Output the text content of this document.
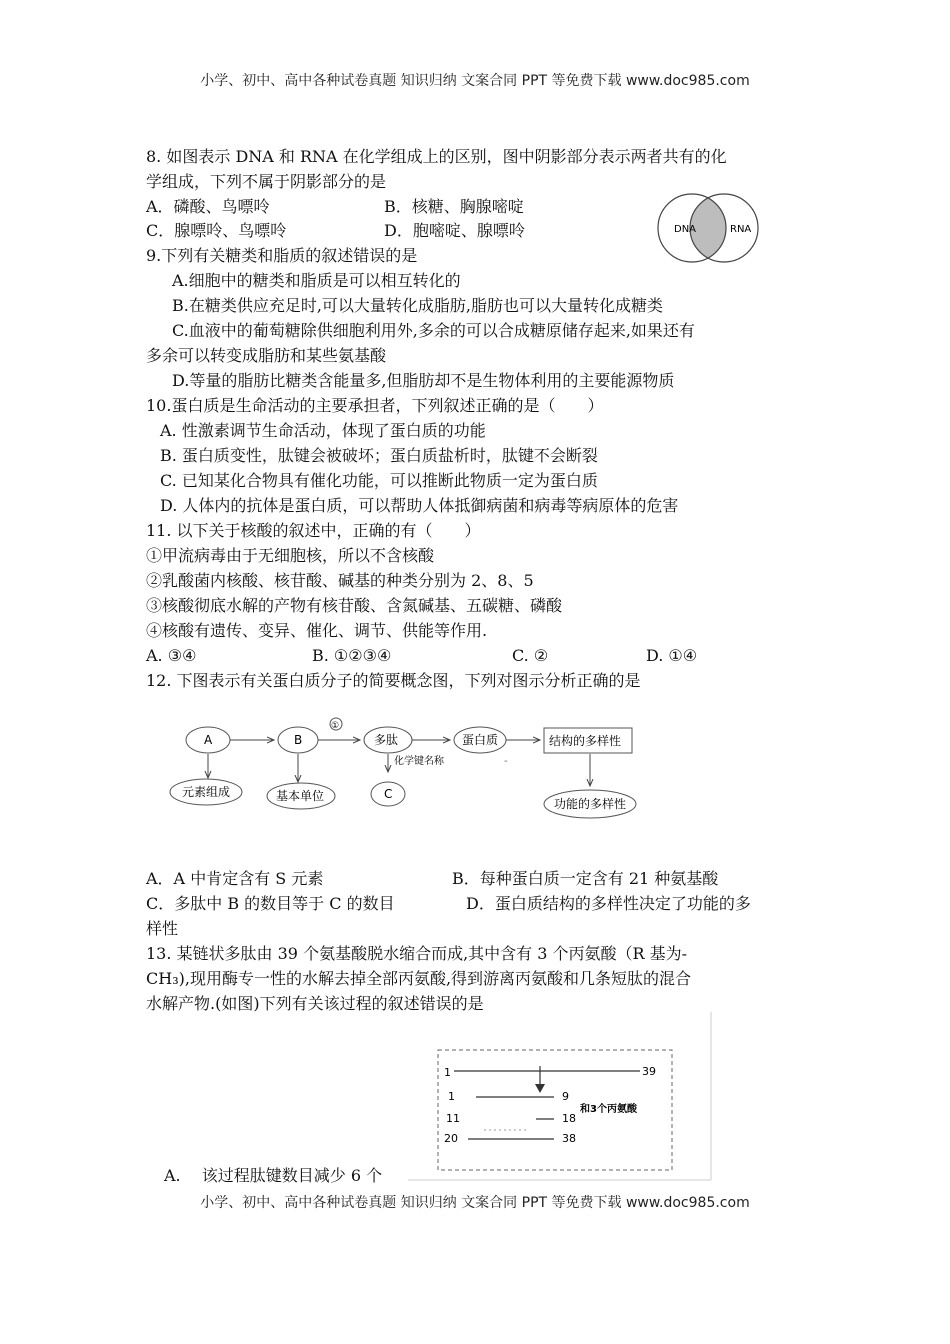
小学、初中、高中各种试卷真题 知识归纳 文案合同 PPT 等免费下载 www.doc985.com
8. 如图表示 DNA 和 RNA 在化学组成上的区别，图中阴影部分表示两者共有的化
学组成，下列不属于阴影部分的是
A．磷酸、鸟嘌呤	B．核糖、胸腺嘧啶
C．腺嘌呤、鸟嘌呤	D．胞嘧啶、腺嘌呤	DNA	RNA
9.下列有关糖类和脂质的叙述错误的是
A.细胞中的糖类和脂质是可以相互转化的
B.在糖类供应充足时,可以大量转化成脂肪,脂肪也可以大量转化成糖类
C.血液中的葡萄糖除供细胞利用外,多余的可以合成糖原储存起来,如果还有
多余可以转变成脂肪和某些氨基酸
D.等量的脂肪比糖类含能量多,但脂肪却不是生物体利用的主要能源物质
10.蛋白质是生命活动的主要承担者，下列叙述正确的是（　　）
A. 性激素调节生命活动，体现了蛋白质的功能
B. 蛋白质变性，肽键会被破坏；蛋白质盐析时，肽键不会断裂
C. 已知某化合物具有催化功能，可以推断此物质一定为蛋白质
D. 人体内的抗体是蛋白质，可以帮助人体抵御病菌和病毒等病原体的危害
11. 以下关于核酸的叙述中，正确的有（　　）
①甲流病毒由于无细胞核，所以不含核酸
②乳酸菌内核酸、核苷酸、碱基的种类分别为 2、8、5
③核酸彻底水解的产物有核苷酸、含氮碱基、五碳糖、磷酸
④核酸有遗传、变异、催化、调节、供能等作用.
A. ③④	B. ①②③④	C. ②	D. ①④
12. 下图表示有关蛋白质分子的简要概念图，下列对图示分析正确的是
A	B	多肽	蛋白质	结构的多样性
①
-
元素组成	基本单位
化学键名称
C
功能的多样性
A．A 中肯定含有 S 元素	B．每种蛋白质一定含有 21 种氨基酸
C．多肽中 B 的数目等于 C 的数目	D．蛋白质结构的多样性决定了功能的多
样性
13. 某链状多肽由 39 个氨基酸脱水缩合而成,其中含有 3 个丙氨酸（R 基为-
CH₃),现用酶专一性的水解去掉全部丙氨酸,得到游离丙氨酸和几条短肽的混合
水解产物.(如图)下列有关该过程的叙述错误的是
1	39
1	9
11	18
和3个丙氨酸
20	38
A.　 该过程肽键数目减少 6 个
小学、初中、高中各种试卷真题 知识归纳 文案合同 PPT 等免费下载 www.doc985.com
